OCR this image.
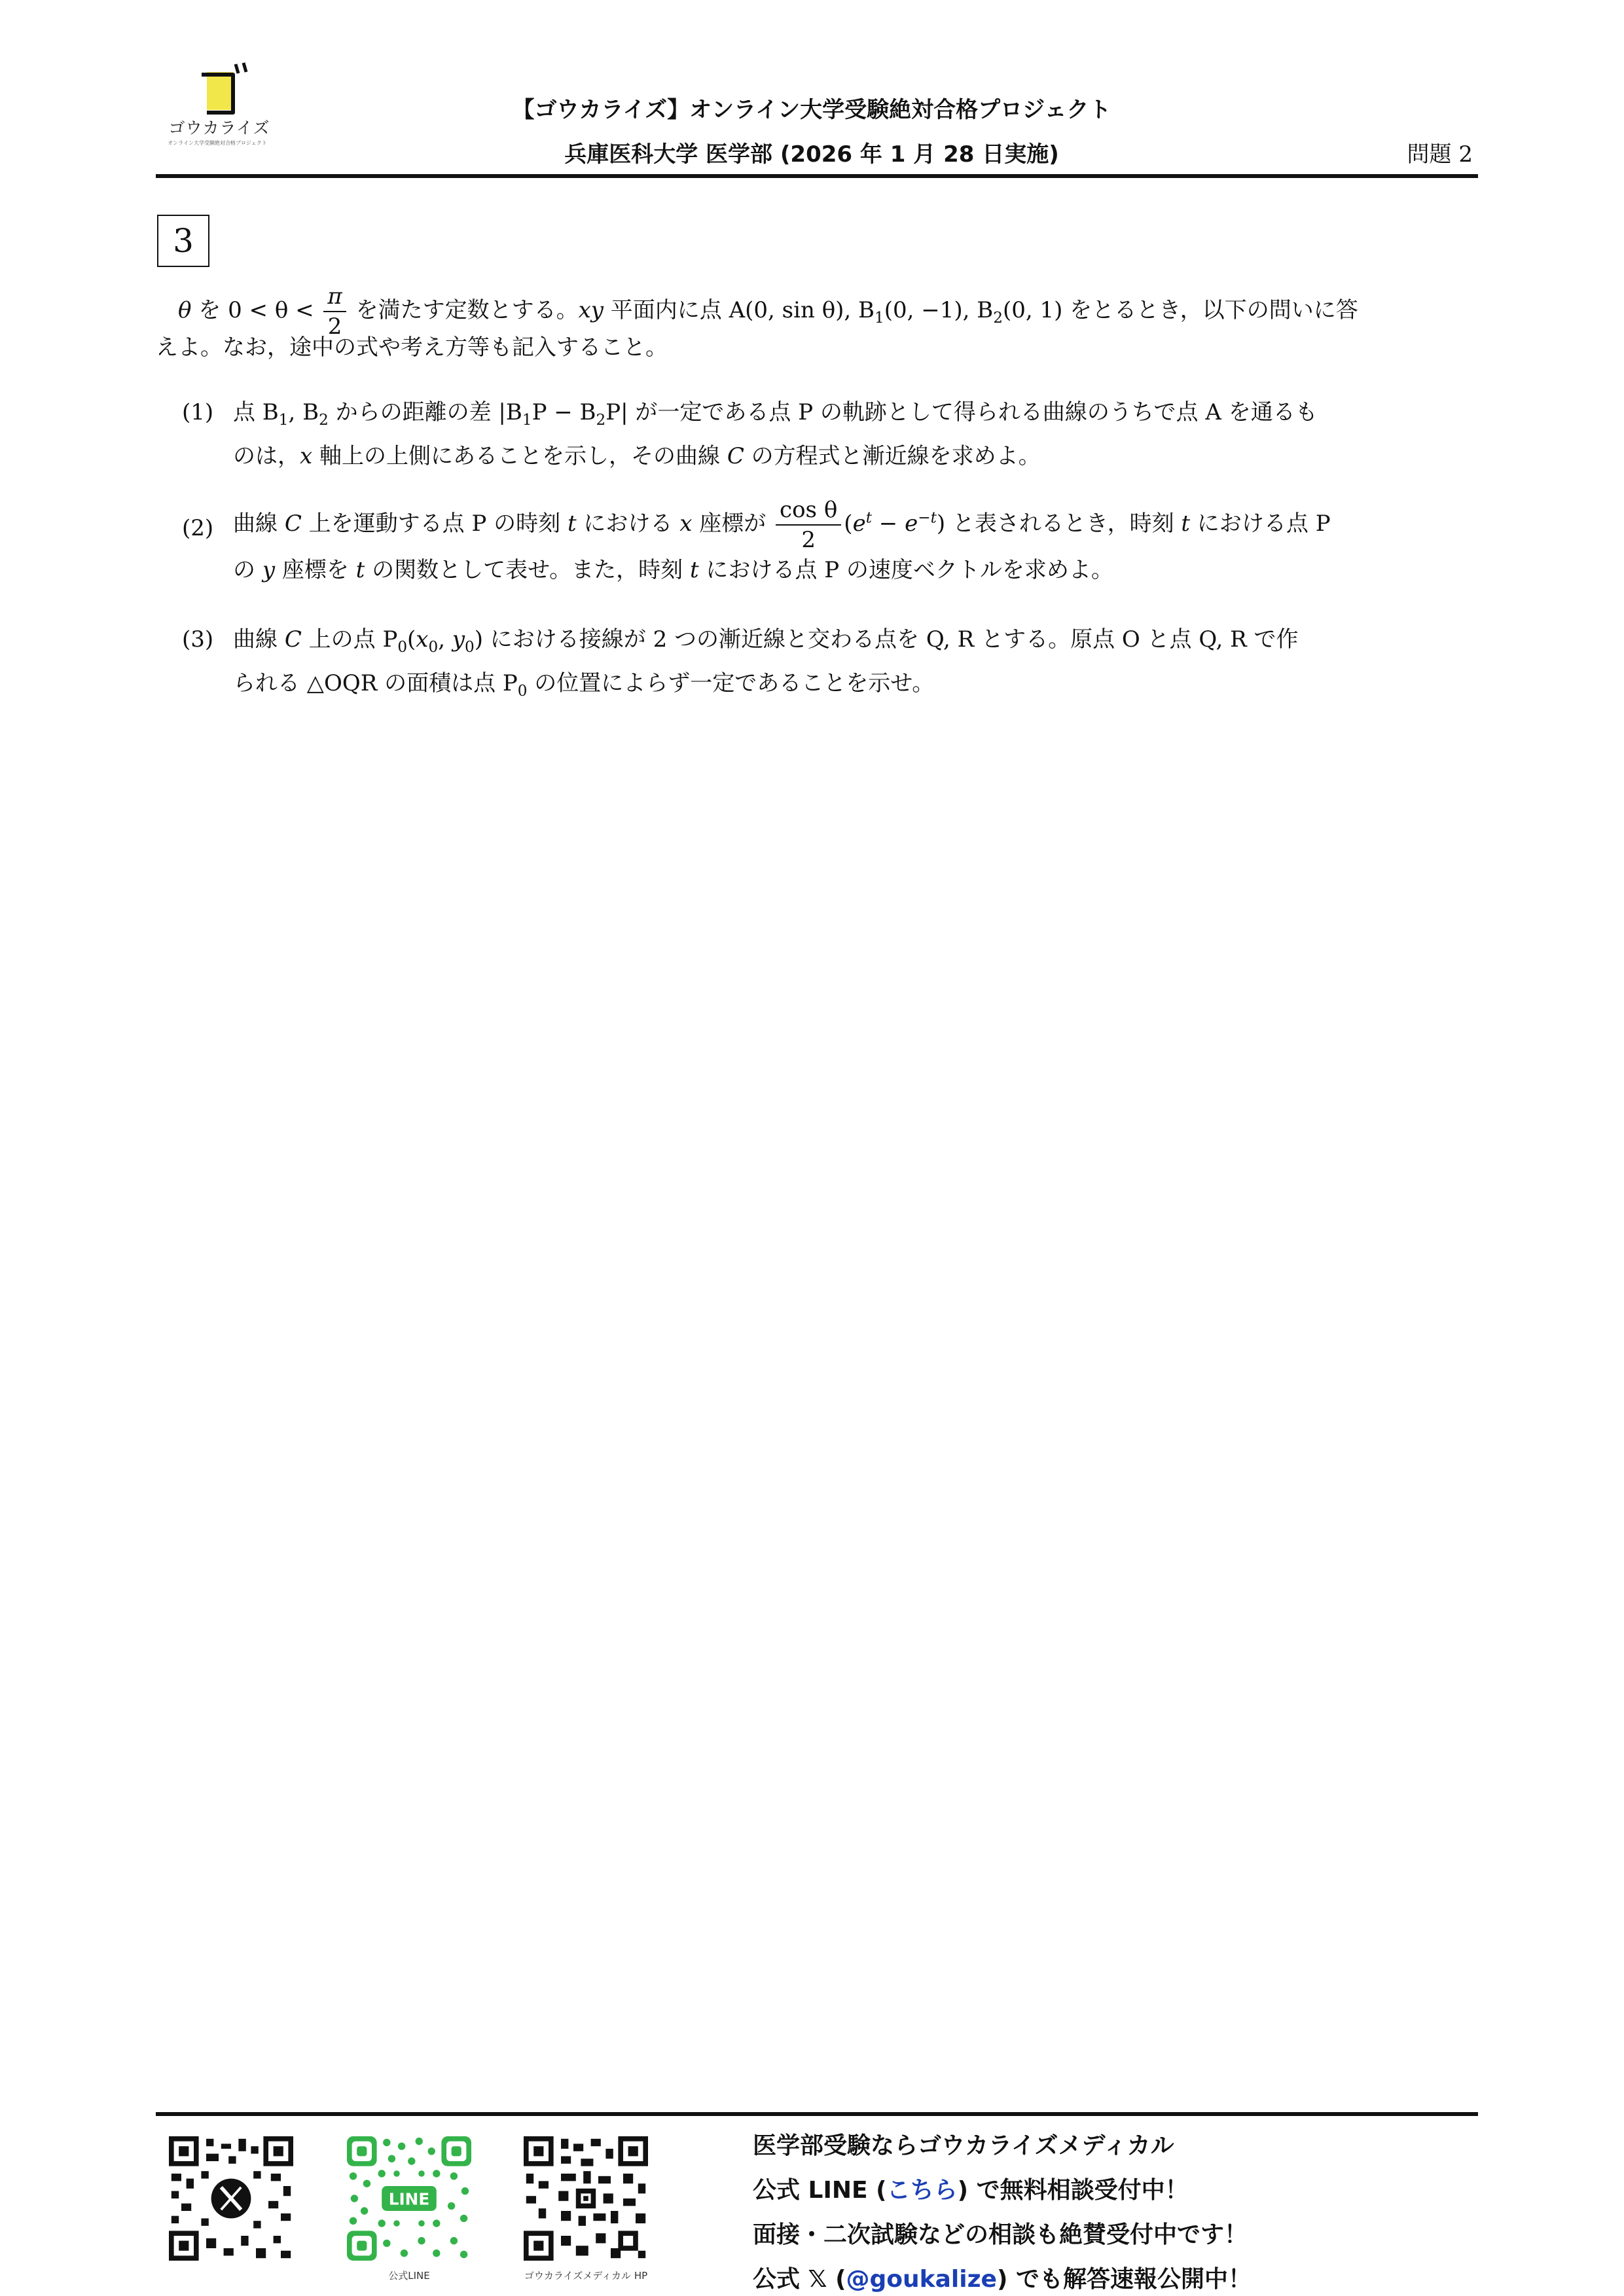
ゴウカライズ
オンライン大学受験絶対合格プロジェクト
【ゴウカライズ】オンライン大学受験絶対合格プロジェクト
兵庫医科大学 医学部 (2026 年 1 月 28 日実施)	問題 2
3
θ を $0 < \theta < \frac{\pi}{2}$ を満たす定数とする。xy 平面内に点 A(0, sin θ), $B_1(0$, −1), $B_2(0$, 1) をとるとき，以下の問いに答
えよ。なお，途中の式や考え方等も記入すること。
(1) 点 $B_1$, $B_2$ からの距離の差 $|B_1P - B_2P|$ が一定である点 P の軌跡として得られる曲線のうちで点 A を通るも
のは，x 軸上の上側にあることを示し，その曲線 C の方程式と漸近線を求めよ。
(2) 曲線 C 上を運動する点 P の時刻 t における x 座標が $\frac{\text{cos θ}}{2} (e^t - e^{-t})$ と表されるとき，時刻 t における点 P
の y 座標を t の関数として表せ。また，時刻 t における点 P の速度ベクトルを求めよ。
(3) 曲線 C 上の点 $P_0(x_0$, $y_0$) における接線が 2 つの漸近線と交わる点を Q, R とする。原点 O と点 Q, R で作
られる △OQR の面積は点 $P_0$ の位置によらず一定であることを示せ。
LINE
公式LINE	ゴウカライズメディカル HP
医学部受験ならゴウカライズメディカル
公式 LINE (こちら) で無料相談受付中！
面接・二次試験などの相談も絶賛受付中です！
公式 𝕏 (@goukalize) でも解答速報公開中！
